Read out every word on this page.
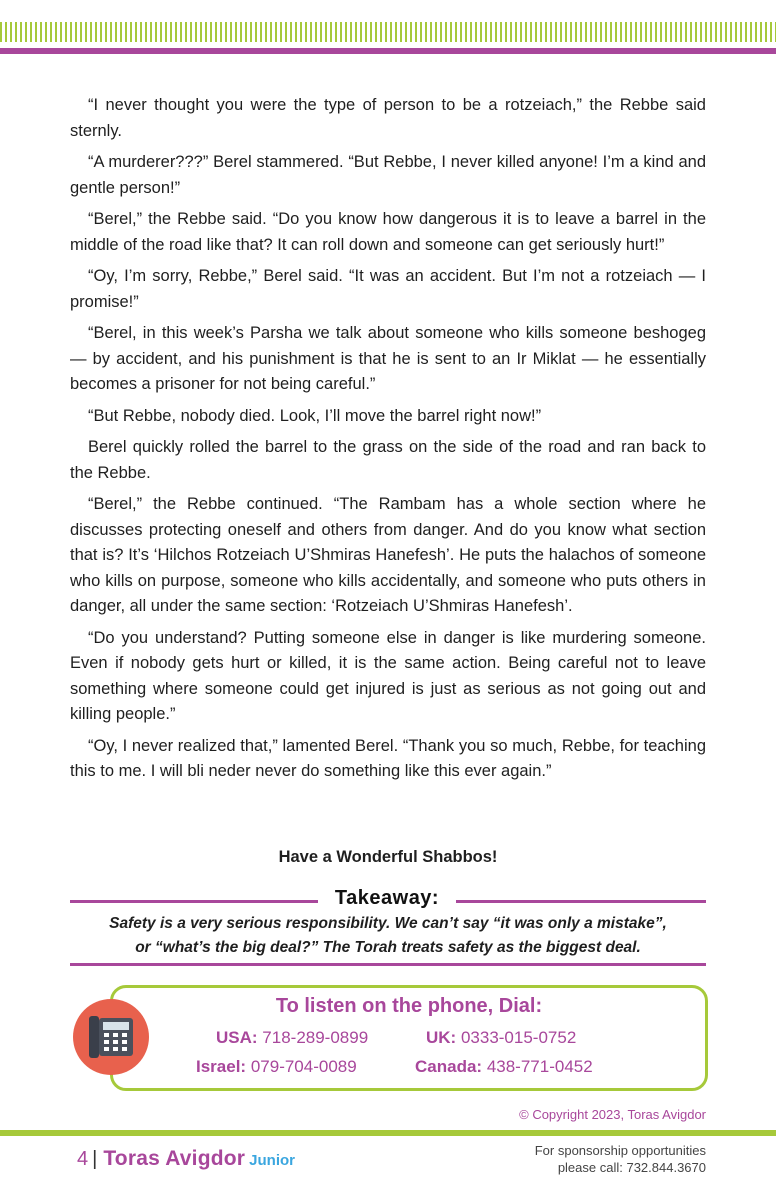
“I never thought you were the type of person to be a rotzeiach,” the Rebbe said sternly.

“A murderer???” Berel stammered. “But Rebbe, I never killed anyone! I’m a kind and gentle person!”

“Berel,” the Rebbe said. “Do you know how dangerous it is to leave a barrel in the middle of the road like that? It can roll down and someone can get seriously hurt!”

“Oy, I’m sorry, Rebbe,” Berel said. “It was an accident. But I’m not a rotzeiach — I promise!”

“Berel, in this week’s Parsha we talk about someone who kills someone beshogeg — by accident, and his punishment is that he is sent to an Ir Miklat — he essentially becomes a prisoner for not being careful.”

“But Rebbe, nobody died. Look, I’ll move the barrel right now!”

Berel quickly rolled the barrel to the grass on the side of the road and ran back to the Rebbe.

“Berel,” the Rebbe continued. “The Rambam has a whole section where he discusses protecting oneself and others from danger. And do you know what section that is? It’s ‘Hilchos Rotzeiach U’Shmiras Hanefesh’. He puts the halachos of someone who kills on purpose, someone who kills accidentally, and someone who puts others in danger, all under the same section: ‘Rotzeiach U’Shmiras Hanefesh’.

“Do you understand? Putting someone else in danger is like murdering someone. Even if nobody gets hurt or killed, it is the same action. Being careful not to leave something where someone could get injured is just as serious as not going out and killing people.”

“Oy, I never realized that,” lamented Berel. “Thank you so much, Rebbe, for teaching this to me. I will bli neder never do something like this ever again.”

Have a Wonderful Shabbos!
Takeaway:
Safety is a very serious responsibility. We can’t say “it was only a mistake”,
or “what’s the big deal?” The Torah treats safety as the biggest deal.
To listen on the phone, Dial:
USA: 718-289-0899	UK: 0333-015-0752
Israel: 079-704-0089	Canada: 438-771-0452
© Copyright 2023, Toras Avigdor
4 | Toras Avigdor Junior
For sponsorship opportunities
please call: 732.844.3670
